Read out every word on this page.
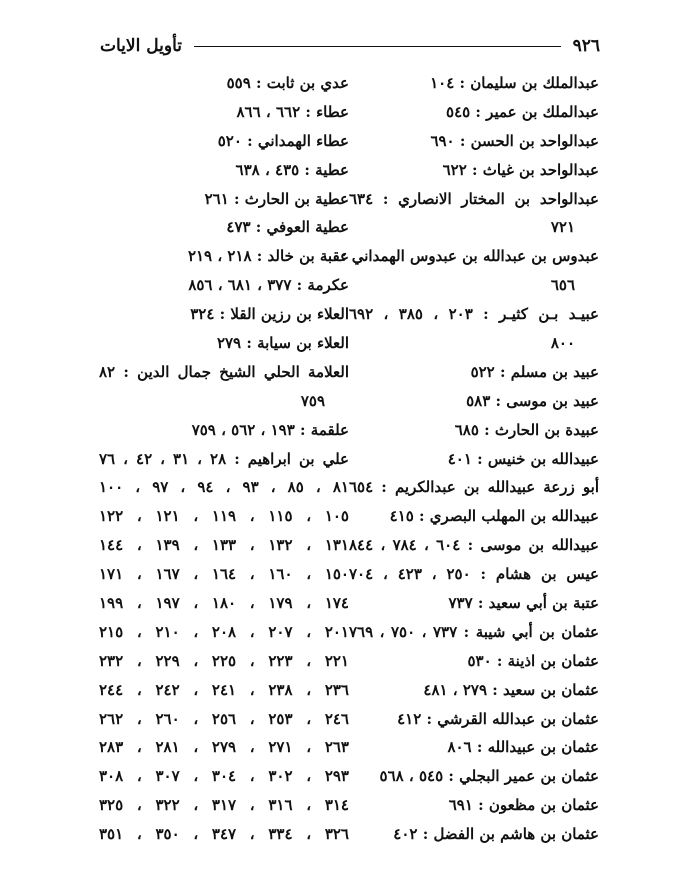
٩٢٦
تأويل الايات
عبدالملك بن سليمان : ١٠٤
عبدالملك بن عمير : ٥٤٥
عبدالواحد بن الحسن : ٦٩٠
عبدالواحد بن غياث : ٦٢٢
عبدالواحد بن المختار الانصاري : ٦٣٤
٧٢١
عبدوس بن عبدالله بن عبدوس الهمداني :
٦٥٦
عبيـد بـن كثيـر : ٢٠٣ ، ٣٨٥ ، ٦٩٢
٨٠٠
عبيد بن مسلم : ٥٢٢
عبيد بن موسى : ٥٨٣
عبيدة بن الحارث : ٦٨٥
عبيدالله بن خنيس : ٤٠١
أبو زرعة عبيدالله بن عبدالكريم : ٦٥٤
عبيدالله بن المهلب البصري : ٤١٥
عبيدالله بن موسى : ٦٠٤ ، ٧٨٤ ، ٨٤٤
عيس بن هشام : ٢٥٠ ، ٤٢٣ ، ٧٠٤
عتبة بن أبي سعيد : ٧٣٧
عثمان بن أبي شيبة : ٧٣٧ ، ٧٥٠ ، ٧٦٩
عثمان بن اذينة : ٥٣٠
عثمان بن سعيد : ٢٧٩ ، ٤٨١
عثمان بن عبدالله القرشي : ٤١٢
عثمان بن عبيدالله : ٨٠٦
عثمان بن عمير البجلي : ٥٤٥ ، ٥٦٨
عثمان بن مظعون : ٦٩١
عثمان بن هاشم بن الفضل : ٤٠٢
عدي بن ثابت : ٥٥٩
عطاء : ٦٦٢ ، ٨٦٦
عطاء الهمداني : ٥٢٠
عطية : ٤٣٥ ، ٦٣٨
عطية بن الحارث : ٢٦١
عطية العوفي : ٤٧٣
عقبة بن خالد : ٢١٨ ، ٢١٩
عكرمة : ٣٧٧ ، ٦٨١ ، ٨٥٦
العلاء بن رزين القلا : ٣٢٤
العلاء بن سيابة : ٢٧٩
العلامة الحلي الشيخ جمال الدين : ٨٢
٧٥٩
علقمة : ١٩٣ ، ٥٦٢ ، ٧٥٩
علي بن ابراهيم : ٢٨ ، ٣١ ، ٤٢ ، ٧٦
٨١ ، ٨٥ ، ٩٣ ، ٩٤ ، ٩٧ ، ١٠٠
١٠٥ ، ١١٥ ، ١١٩ ، ١٢١ ، ١٢٢
١٣١ ، ١٣٢ ، ١٣٣ ، ١٣٩ ، ١٤٤
١٥٠ ، ١٦٠ ، ١٦٤ ، ١٦٧ ، ١٧١
١٧٤ ، ١٧٩ ، ١٨٠ ، ١٩٧ ، ١٩٩
٢٠١ ، ٢٠٧ ، ٢٠٨ ، ٢١٠ ، ٢١٥
٢٢١ ، ٢٢٣ ، ٢٢٥ ، ٢٢٩ ، ٢٣٢
٢٣٦ ، ٢٣٨ ، ٢٤١ ، ٢٤٢ ، ٢٤٤
٢٤٦ ، ٢٥٣ ، ٢٥٦ ، ٢٦٠ ، ٢٦٢
٢٦٣ ، ٢٧١ ، ٢٧٩ ، ٢٨١ ، ٢٨٣
٢٩٣ ، ٣٠٢ ، ٣٠٤ ، ٣٠٧ ، ٣٠٨
٣١٤ ، ٣١٦ ، ٣١٧ ، ٣٢٢ ، ٣٢٥
٣٢٦ ، ٣٣٤ ، ٣٤٧ ، ٣٥٠ ، ٣٥١
